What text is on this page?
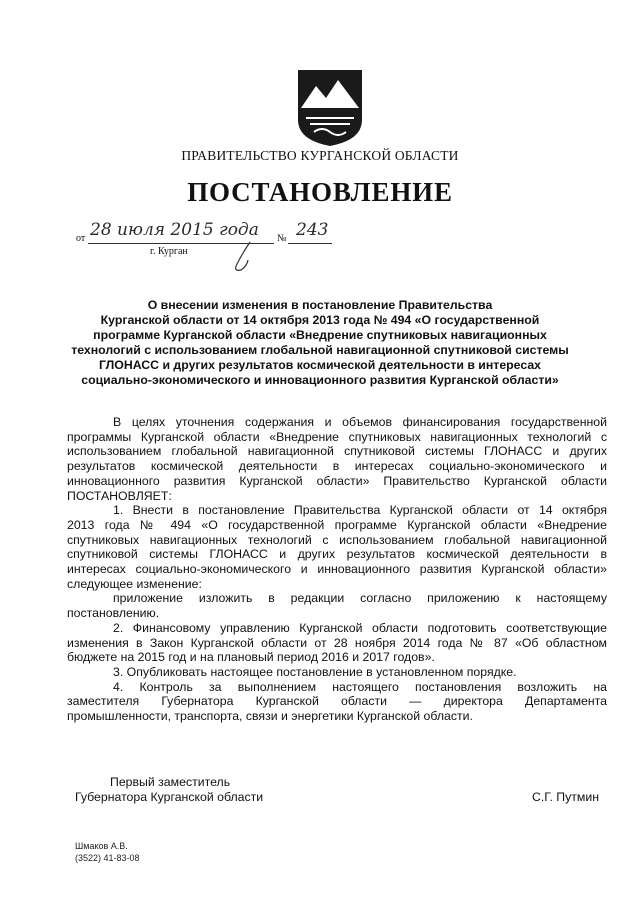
ПРАВИТЕЛЬСТВО КУРГАНСКОЙ ОБЛАСТИ
ПОСТАНОВЛЕНИЕ
от 28 июля 2015 года № 243
г. Курган
О внесении изменения в постановление Правительства
Курганской области от 14 октября 2013 года № 494 «О государственной
программе Курганской области «Внедрение спутниковых навигационных
технологий с использованием глобальной навигационной спутниковой системы
ГЛОНАСС и других результатов космической деятельности в интересах
социально-экономического и инновационного развития Курганской области»
В целях уточнения содержания и объемов финансирования государственной
программы Курганской области «Внедрение спутниковых навигационных технологий с
использованием глобальной навигационной спутниковой системы ГЛОНАСС и других
результатов космической деятельности в интересах социально-экономического и
инновационного развития Курганской области» Правительство Курганской области
ПОСТАНОВЛЯЕТ:
1. Внести в постановление Правительства Курганской области от 14 октября
2013 года № 494 «О государственной программе Курганской области «Внедрение
спутниковых навигационных технологий с использованием глобальной навигационной
спутниковой системы ГЛОНАСС и других результатов космической деятельности в
интересах социально-экономического и инновационного развития Курганской области»
следующее изменение:
приложение изложить в редакции согласно приложению к настоящему
постановлению.
2. Финансовому управлению Курганской области подготовить соответствующие
изменения в Закон Курганской области от 28 ноября 2014 года № 87 «Об областном
бюджете на 2015 год и на плановый период 2016 и 2017 годов».
3. Опубликовать настоящее постановление в установленном порядке.
4. Контроль за выполнением настоящего постановления возложить на
заместителя Губернатора Курганской области — директора Департамента
промышленности, транспорта, связи и энергетики Курганской области.
Первый заместитель
Губернатора Курганской области	С.Г. Путмин
Шмаков А.В.
(3522) 41-83-08
